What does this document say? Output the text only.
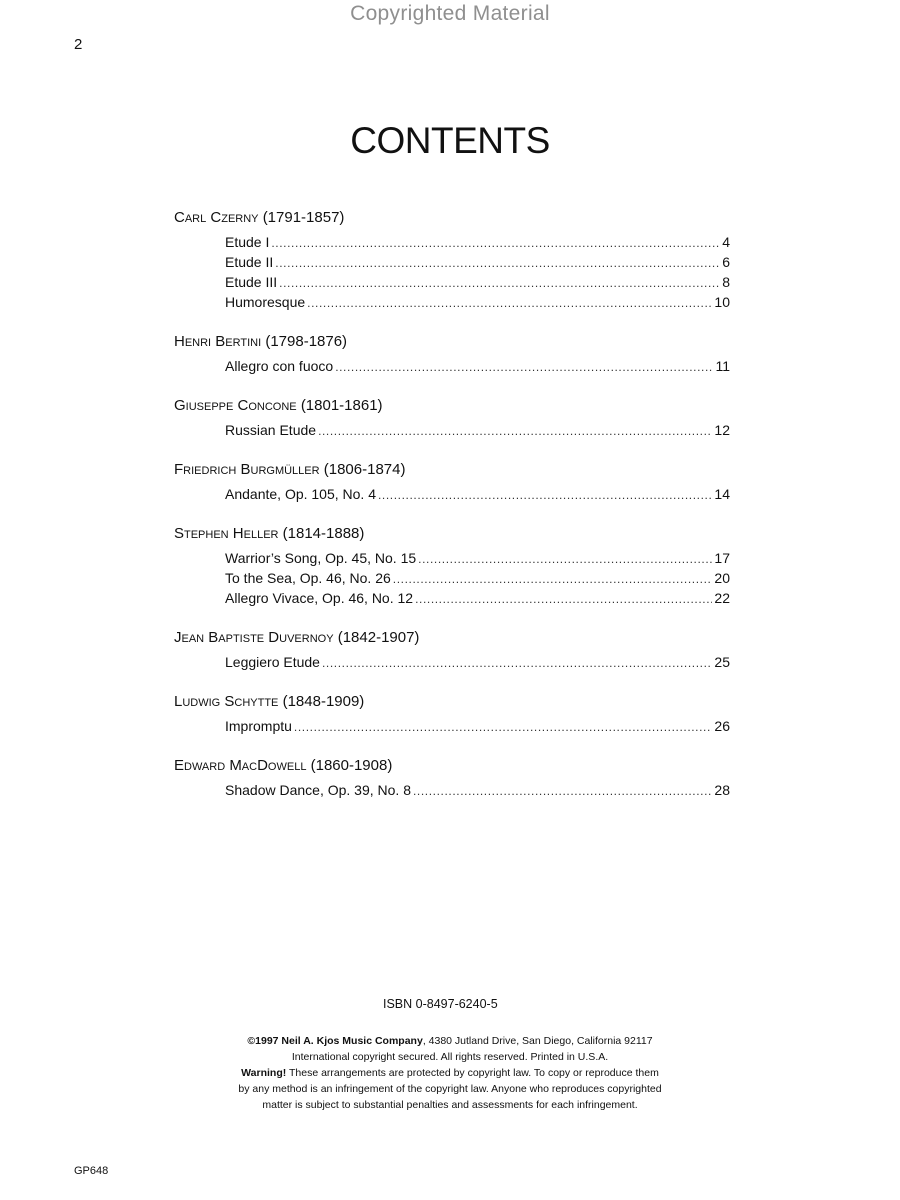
Copyrighted Material
2
CONTENTS
Carl Czerny (1791-1857)
Etude I .....	4
Etude II .....	6
Etude III .....	8
Humoresque .....	10
Henri Bertini (1798-1876)
Allegro con fuoco .....	11
Giuseppe Concone (1801-1861)
Russian Etude .....	12
Friedrich Burgmüller (1806-1874)
Andante, Op. 105, No. 4 .....	14
Stephen Heller (1814-1888)
Warrior’s Song, Op. 45, No. 15 .....	17
To the Sea, Op. 46, No. 26 .....	20
Allegro Vivace, Op. 46, No. 12 .....	22
Jean Baptiste Duvernoy (1842-1907)
Leggiero Etude .....	25
Ludwig Schytte (1848-1909)
Impromptu .....	26
Edward MacDowell (1860-1908)
Shadow Dance, Op. 39, No. 8 .....	28
ISBN 0-8497-6240-5
©1997 Neil A. Kjos Music Company, 4380 Jutland Drive, San Diego, California 92117
International copyright secured. All rights reserved. Printed in U.S.A.
Warning! These arrangements are protected by copyright law. To copy or reproduce them
by any method is an infringement of the copyright law. Anyone who reproduces copyrighted
matter is subject to substantial penalties and assessments for each infringement.
GP648
